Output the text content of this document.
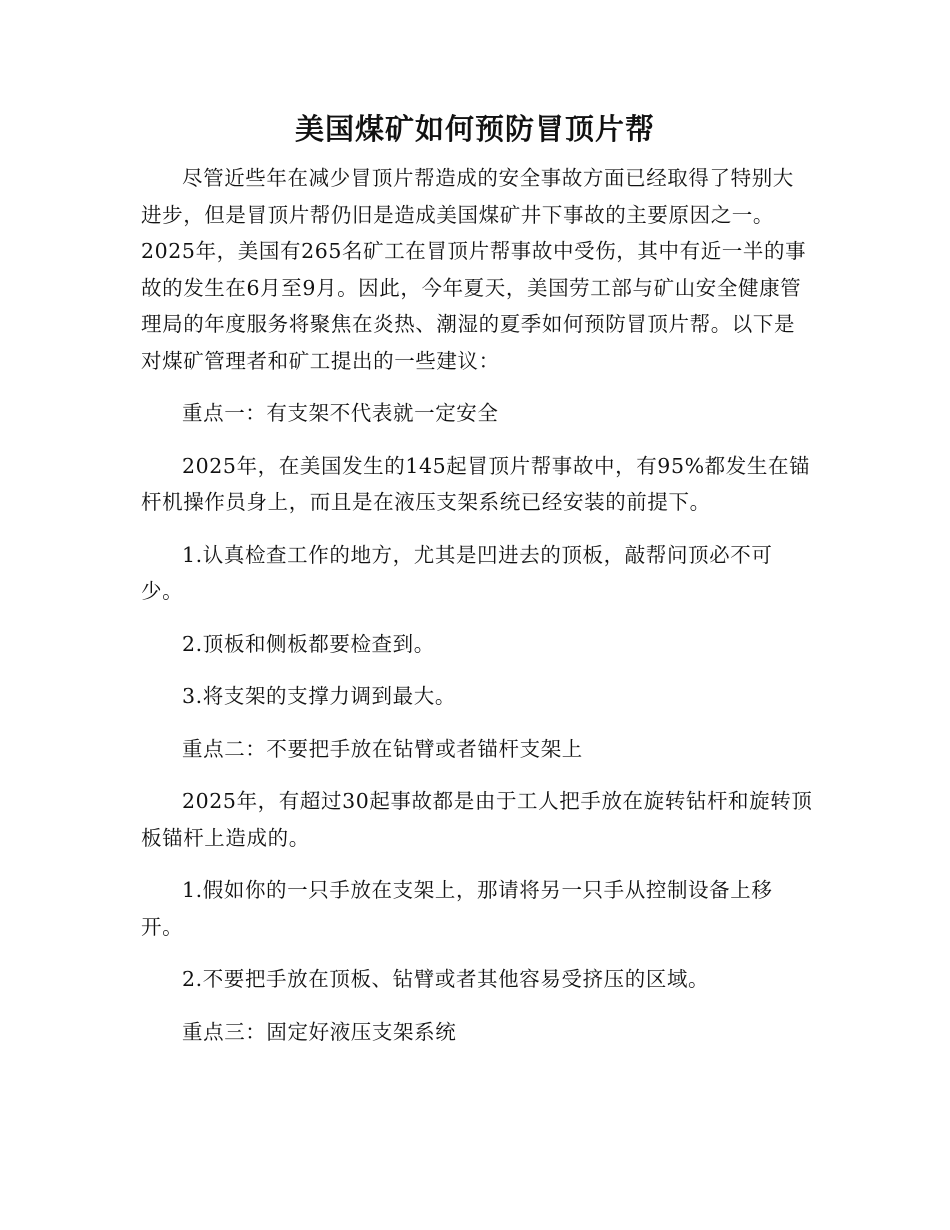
美国煤矿如何预防冒顶片帮

尽管近些年在减少冒顶片帮造成的安全事故方面已经取得了特别大进步，但是冒顶片帮仍旧是造成美国煤矿井下事故的主要原因之一。2025年，美国有265名矿工在冒顶片帮事故中受伤，其中有近一半的事故的发生在6月至9月。因此，今年夏天，美国劳工部与矿山安全健康管理局的年度服务将聚焦在炎热、潮湿的夏季如何预防冒顶片帮。以下是对煤矿管理者和矿工提出的一些建议：

重点一：有支架不代表就一定安全

2025年，在美国发生的145起冒顶片帮事故中，有95%都发生在锚杆机操作员身上，而且是在液压支架系统已经安装的前提下。

1.认真检查工作的地方，尤其是凹进去的顶板，敲帮问顶必不可少。

2.顶板和侧板都要检查到。

3.将支架的支撑力调到最大。

重点二：不要把手放在钻臂或者锚杆支架上

2025年，有超过30起事故都是由于工人把手放在旋转钻杆和旋转顶板锚杆上造成的。

1.假如你的一只手放在支架上，那请将另一只手从控制设备上移开。

2.不要把手放在顶板、钻臂或者其他容易受挤压的区域。

重点三：固定好液压支架系统
